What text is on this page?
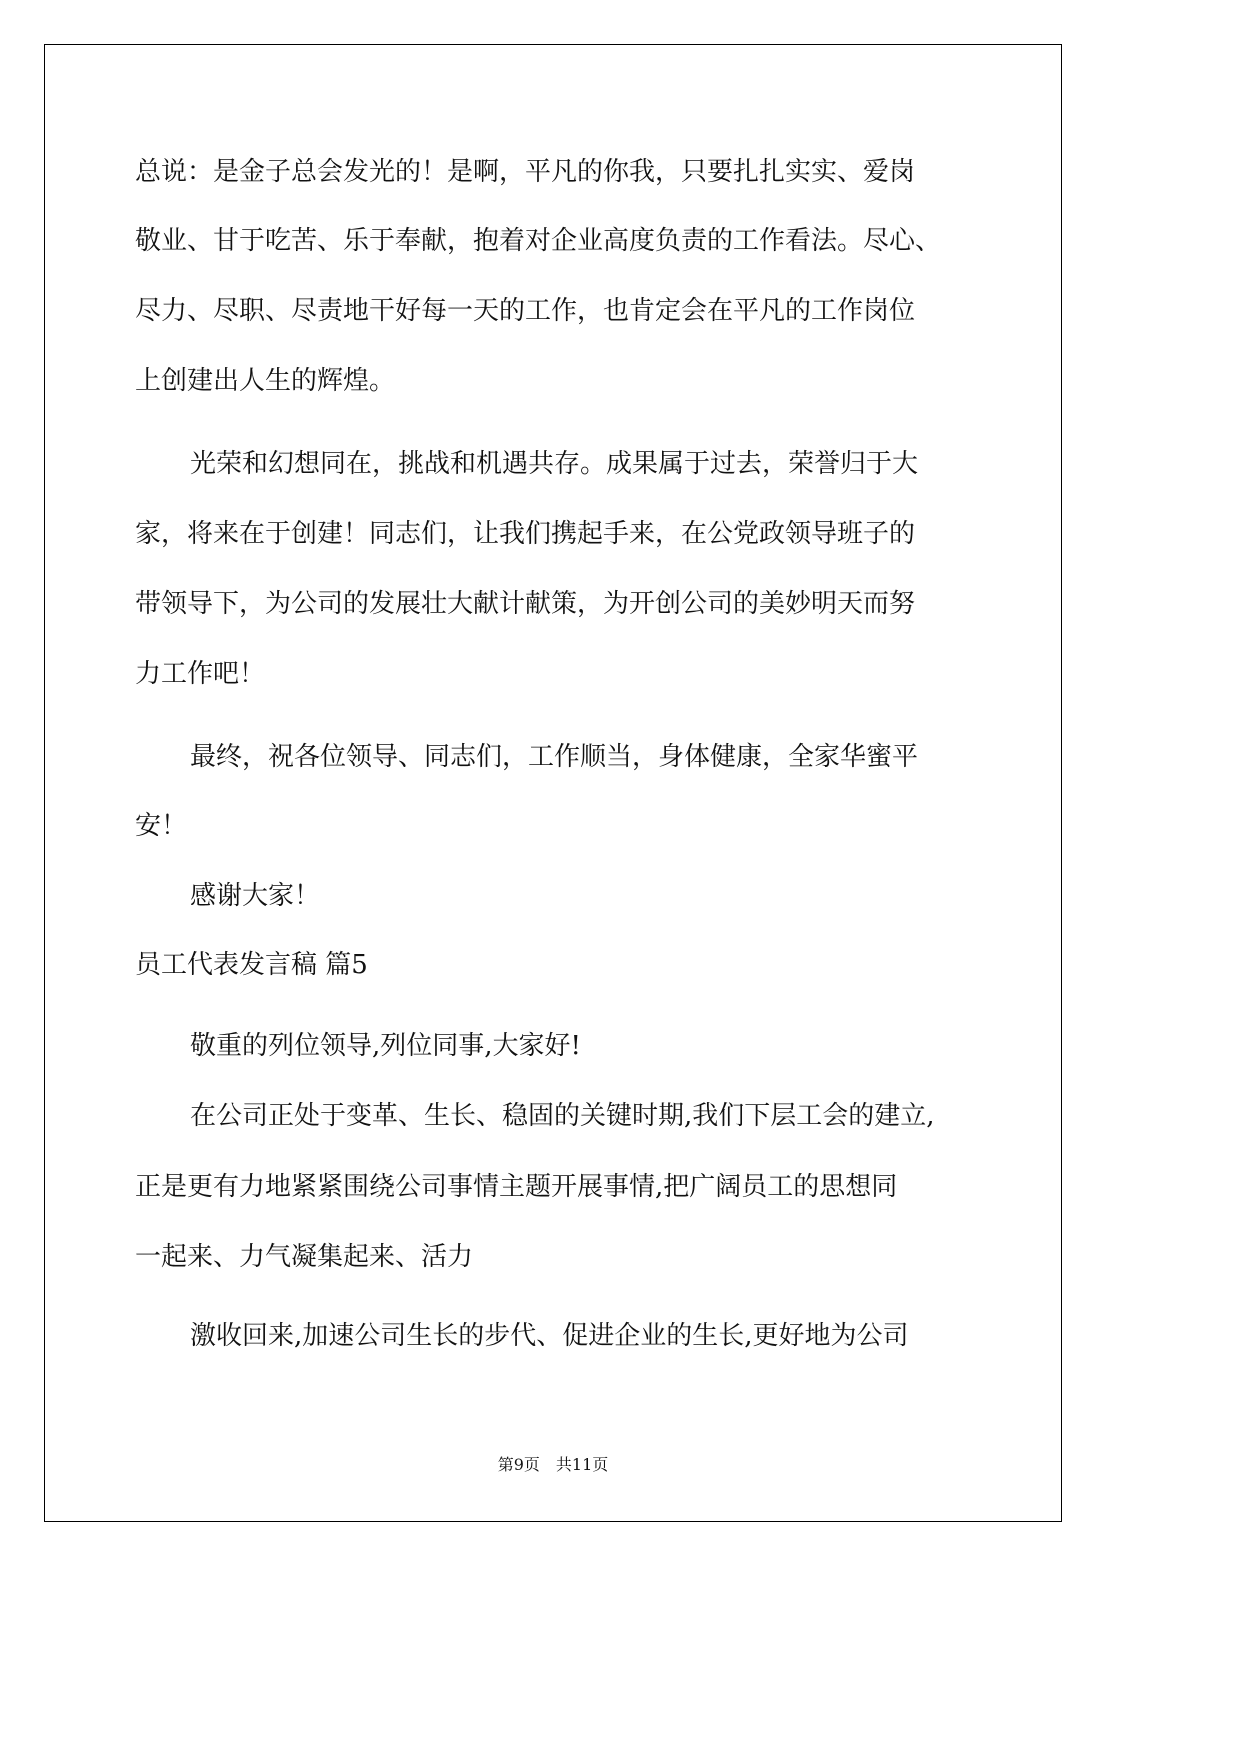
总说：是金子总会发光的！是啊，平凡的你我，只要扎扎实实、爱岗

敬业、甘于吃苦、乐于奉献，抱着对企业高度负责的工作看法。尽心、

尽力、尽职、尽责地干好每一天的工作，也肯定会在平凡的工作岗位

上创建出人生的辉煌。

光荣和幻想同在，挑战和机遇共存。成果属于过去，荣誉归于大

家，将来在于创建！同志们，让我们携起手来，在公党政领导班子的

带领导下，为公司的发展壮大献计献策，为开创公司的美妙明天而努

力工作吧！

最终，祝各位领导、同志们，工作顺当，身体健康，全家华蜜平

安！

感谢大家！

员工代表发言稿 篇5

敬重的列位领导,列位同事,大家好!

在公司正处于变革、生长、稳固的关键时期,我们下层工会的建立,

正是更有力地紧紧围绕公司事情主题开展事情,把广阔员工的思想同

一起来、力气凝集起来、活力

激收回来,加速公司生长的步代、促进企业的生长,更好地为公司

第9页　共11页
